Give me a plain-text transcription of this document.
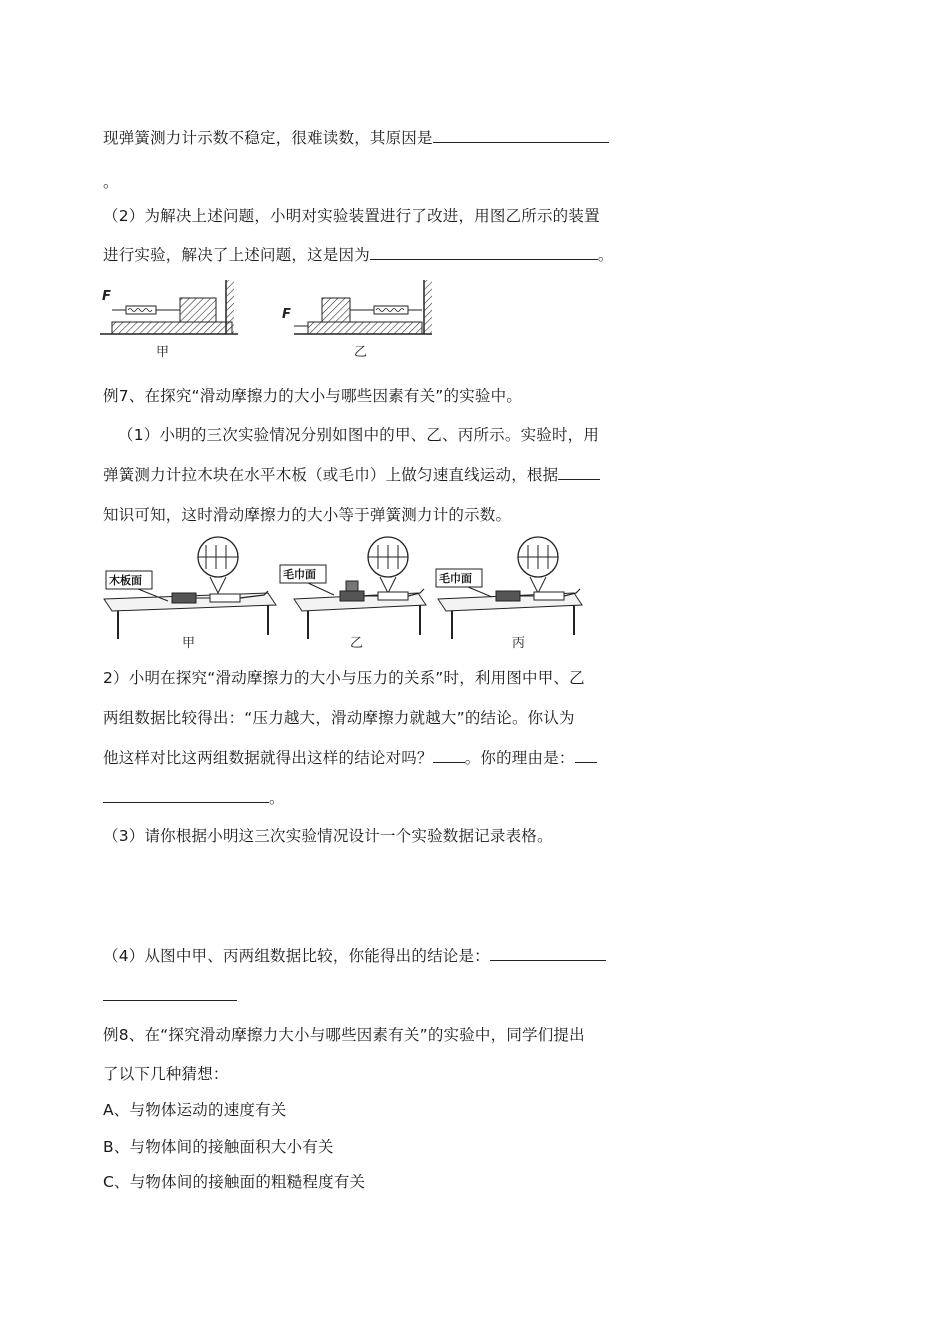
现弹簧测力计示数不稳定，很难读数，其原因是
。
（2）为解决上述问题，小明对实验装置进行了改进，用图乙所示的装置
进行实验，解决了上述问题，这是因为	。
F
甲
F
乙
例7、在探究“滑动摩擦力的大小与哪些因素有关”的实验中。
（1）小明的三次实验情况分别如图中的甲、乙、丙所示。实验时，用
弹簧测力计拉木块在水平木板（或毛巾）上做匀速直线运动，根据
知识可知，这时滑动摩擦力的大小等于弹簧测力计的示数。
木板面
甲
毛巾面
乙
毛巾面
丙
2）小明在探究“滑动摩擦力的大小与压力的关系”时，利用图中甲、乙
两组数据比较得出：“压力越大，滑动摩擦力就越大”的结论。你认为
他这样对比这两组数据就得出这样的结论对吗？ 。你的理由是：
。
（3）请你根据小明这三次实验情况设计一个实验数据记录表格。
（4）从图中甲、丙两组数据比较，你能得出的结论是：
例8、在“探究滑动摩擦力大小与哪些因素有关”的实验中，同学们提出
了以下几种猜想：
A、与物体运动的速度有关
B、与物体间的接触面积大小有关
C、与物体间的接触面的粗糙程度有关
